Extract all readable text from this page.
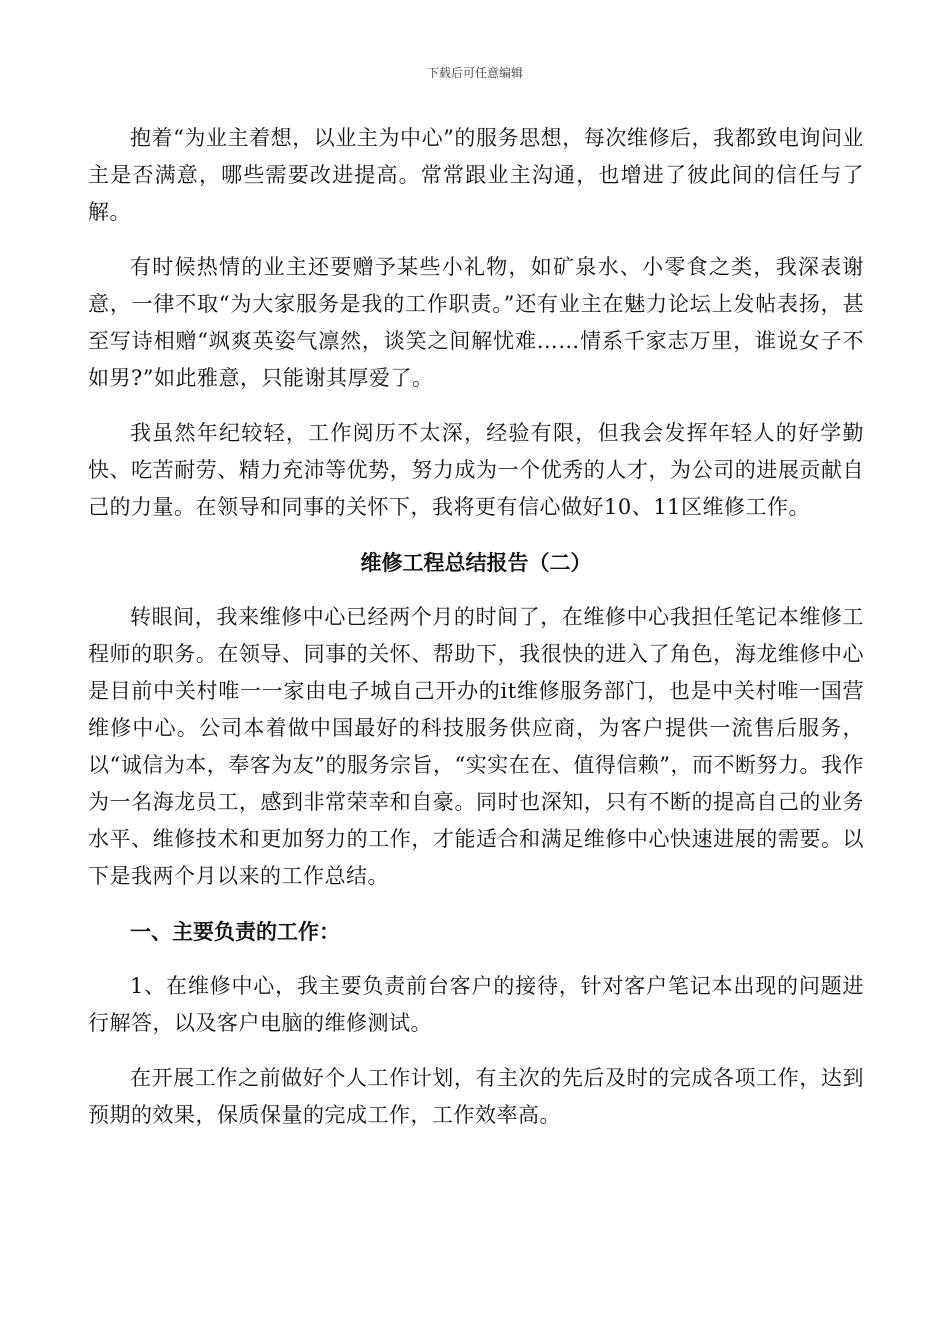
下载后可任意编辑

抱着“为业主着想，以业主为中心”的服务思想，每次维修后，我都致电询问业主是否满意，哪些需要改进提高。常常跟业主沟通，也增进了彼此间的信任与了解。

有时候热情的业主还要赠予某些小礼物，如矿泉水、小零食之类，我深表谢意，一律不取“为大家服务是我的工作职责。”还有业主在魅力论坛上发帖表扬，甚至写诗相赠“飒爽英姿气凛然，谈笑之间解忧难……情系千家志万里，谁说女子不如男?”如此雅意，只能谢其厚爱了。

我虽然年纪较轻，工作阅历不太深，经验有限，但我会发挥年轻人的好学勤快、吃苦耐劳、精力充沛等优势，努力成为一个优秀的人才，为公司的进展贡献自己的力量。在领导和同事的关怀下，我将更有信心做好10、11区维修工作。

维修工程总结报告（二）

转眼间，我来维修中心已经两个月的时间了，在维修中心我担任笔记本维修工程师的职务。在领导、同事的关怀、帮助下，我很快的进入了角色，海龙维修中心是目前中关村唯一一家由电子城自己开办的it维修服务部门，也是中关村唯一国营维修中心。公司本着做中国最好的科技服务供应商，为客户提供一流售后服务，以“诚信为本，奉客为友”的服务宗旨，“实实在在、值得信赖”，而不断努力。我作为一名海龙员工，感到非常荣幸和自豪。同时也深知，只有不断的提高自己的业务水平、维修技术和更加努力的工作，才能适合和满足维修中心快速进展的需要。以下是我两个月以来的工作总结。

一、主要负责的工作：

1、在维修中心，我主要负责前台客户的接待，针对客户笔记本出现的问题进行解答，以及客户电脑的维修测试。

在开展工作之前做好个人工作计划，有主次的先后及时的完成各项工作，达到预期的效果，保质保量的完成工作，工作效率高。
